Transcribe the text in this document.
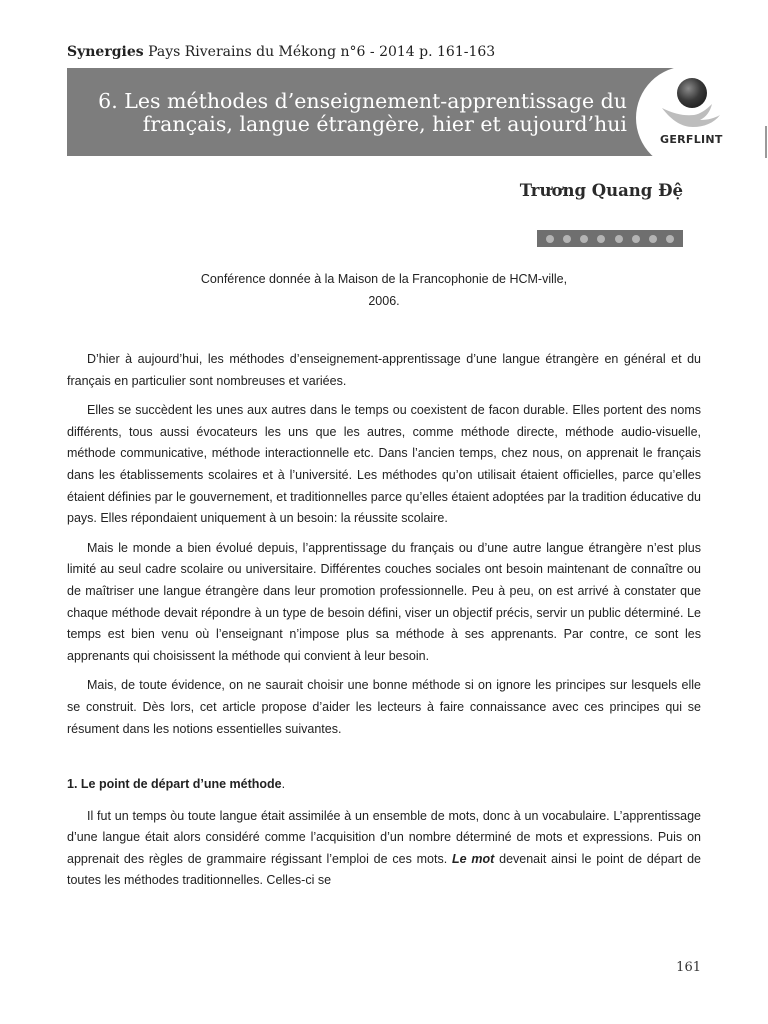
Synergies Pays Riverains du Mékong n°6 - 2014 p. 161-163
6. Les méthodes d’enseignement-apprentissage du
français, langue étrangère, hier et aujourd’hui
GERFLINT
Trương Quang Đệ
Conférence donnée à la Maison de la Francophonie de HCM-ville,
2006.

D’hier à aujourd’hui, les méthodes d’enseignement-apprentissage d’une langue étrangère en général et du français en particulier sont nombreuses et variées.

Elles se succèdent les unes aux autres dans le temps ou coexistent de facon durable. Elles portent des noms différents, tous aussi évocateurs les uns que les autres, comme méthode directe, méthode audio-visuelle, méthode communicative, méthode interactionnelle etc. Dans l’ancien temps, chez nous, on apprenait le français dans les établissements scolaires et à l’université. Les méthodes qu’on utilisait étaient officielles, parce qu’elles étaient définies par le gouvernement, et traditionnelles parce qu’elles étaient adoptées par la tradition éducative du pays. Elles répondaient uniquement à un besoin: la réussite scolaire.

Mais le monde a bien évolué depuis, l’apprentissage du français ou d’une autre langue étrangère n’est plus limité au seul cadre scolaire ou universitaire. Différentes couches sociales ont besoin maintenant de connaître ou de maîtriser une langue étrangère dans leur promotion professionnelle. Peu à peu, on est arrivé à constater que chaque méthode devait répondre à un type de besoin défini, viser un objectif précis, servir un public déterminé. Le temps est bien venu où l’enseignant n’impose plus sa méthode à ses apprenants. Par contre, ce sont les apprenants qui choisissent la méthode qui convient à leur besoin.

Mais, de toute évidence, on ne saurait choisir une bonne méthode si on ignore les principes sur lesquels elle se construit. Dès lors, cet article propose d’aider les lecteurs à faire connaissance avec ces principes qui se résument dans les notions essentielles suivantes.

1. Le point de départ d’une méthode.

Il fut un temps òu toute langue était assimilée à un ensemble de mots, donc à un vocabulaire. L’apprentissage d’une langue était alors considéré comme l’acquisition d’un nombre déterminé de mots et expressions. Puis on apprenait des règles de grammaire régissant l’emploi de ces mots. Le mot devenait ainsi le point de départ de toutes les méthodes traditionnelles. Celles-ci se

161
